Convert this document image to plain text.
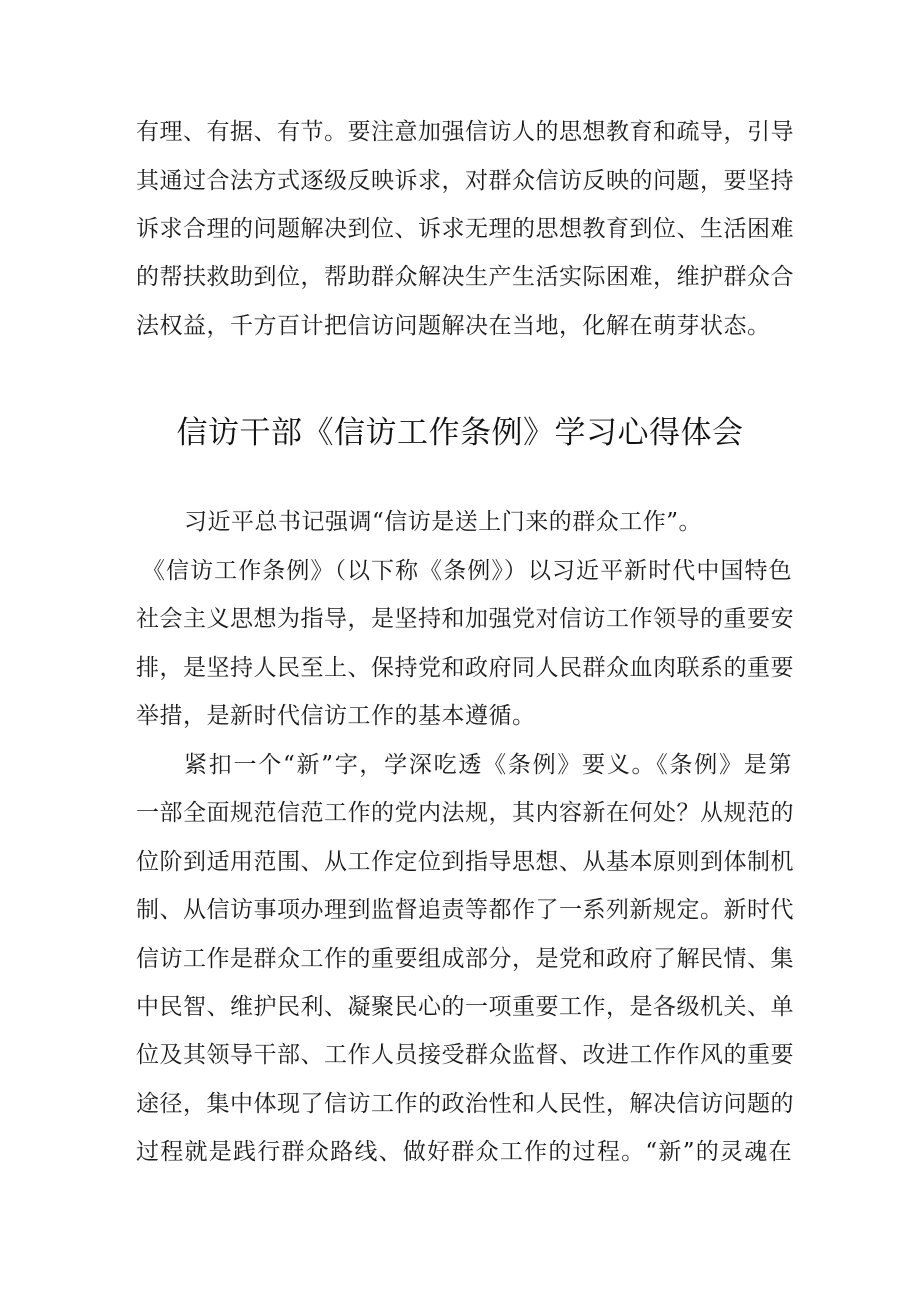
有理、有据、有节。要注意加强信访人的思想教育和疏导，引导
其通过合法方式逐级反映诉求，对群众信访反映的问题，要坚持
诉求合理的问题解决到位、诉求无理的思想教育到位、生活困难
的帮扶救助到位，帮助群众解决生产生活实际困难，维护群众合
法权益，千方百计把信访问题解决在当地，化解在萌芽状态。
信访干部《信访工作条例》学习心得体会
习近平总书记强调“信访是送上门来的群众工作”。
《信访工作条例》（以下称《条例》）以习近平新时代中国特色
社会主义思想为指导，是坚持和加强党对信访工作领导的重要安
排，是坚持人民至上、保持党和政府同人民群众血肉联系的重要
举措，是新时代信访工作的基本遵循。
紧扣一个“新”字，学深吃透《条例》要义。《条例》是第
一部全面规范信范工作的党内法规，其内容新在何处？从规范的
位阶到适用范围、从工作定位到指导思想、从基本原则到体制机
制、从信访事项办理到监督追责等都作了一系列新规定。新时代
信访工作是群众工作的重要组成部分，是党和政府了解民情、集
中民智、维护民利、凝聚民心的一项重要工作，是各级机关、单
位及其领导干部、工作人员接受群众监督、改进工作作风的重要
途径，集中体现了信访工作的政治性和人民性，解决信访问题的
过程就是践行群众路线、做好群众工作的过程。“新”的灵魂在
